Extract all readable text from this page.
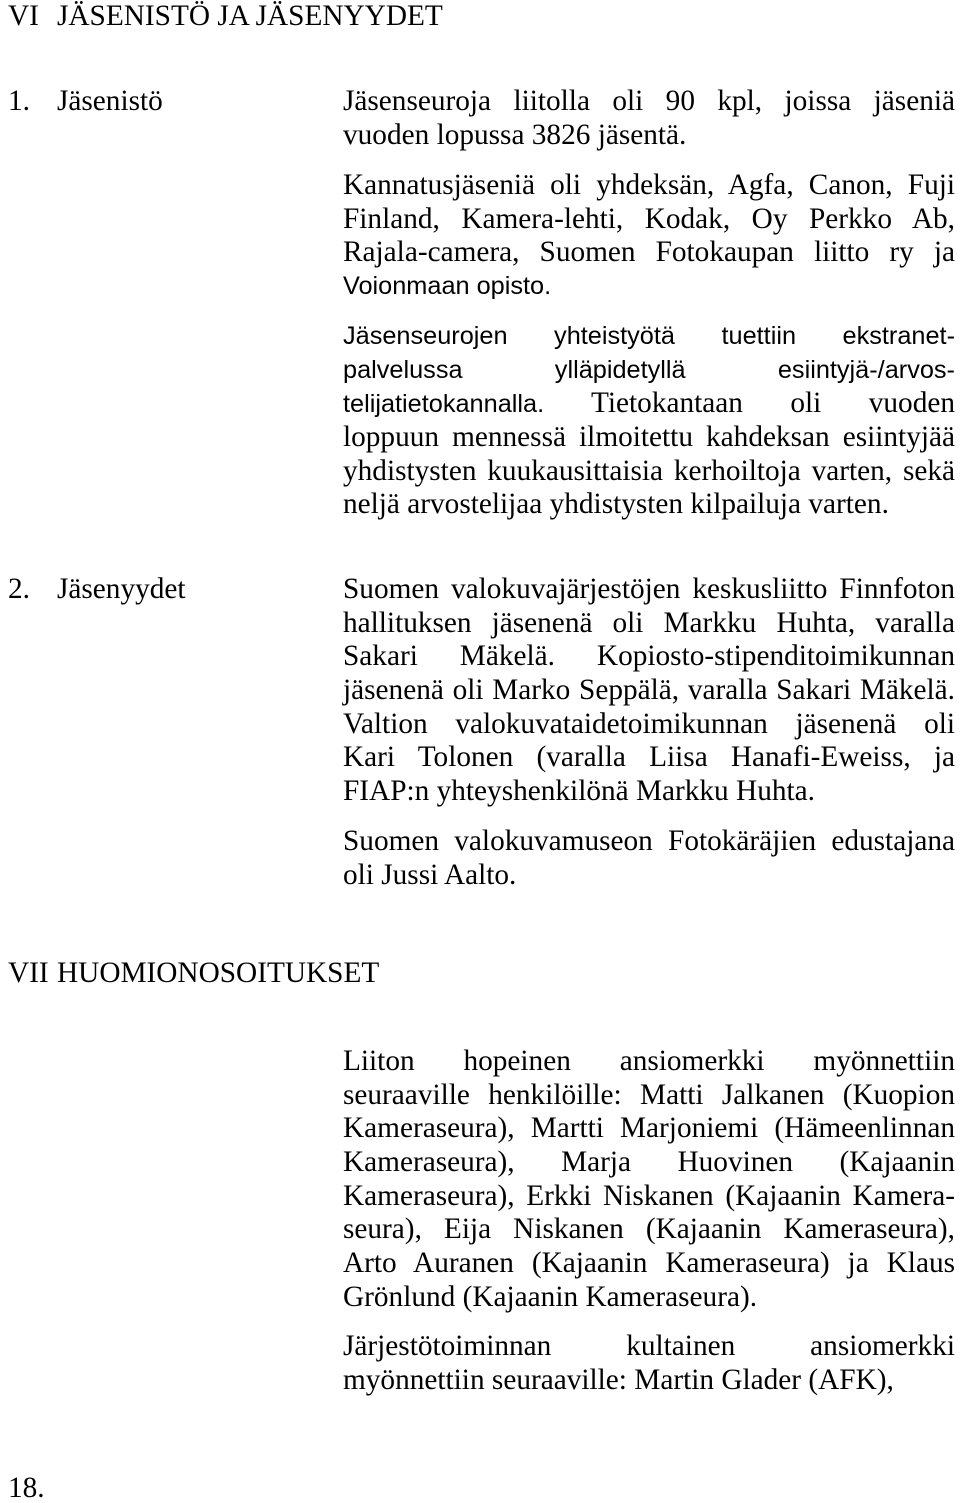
VI JÄSENISTÖ JA JÄSENYYDET
1. Jäsenistö	Jäsenseuroja liitolla oli 90 kpl, joissa jäseniä
vuoden lopussa 3826 jäsentä.
Kannatusjäseniä oli yhdeksän, Agfa, Canon, Fuji
Finland, Kamera-lehti, Kodak, Oy Perkko Ab,
Rajala-camera, Suomen Fotokaupan liitto ry ja
Voionmaan opisto.
Jäsenseurojen yhteistyötä tuettiin ekstranet-
palvelussa ylläpidetyllä esiintyjä-/arvos-
telijatietokannalla. Tietokantaan oli vuoden
loppuun mennessä ilmoitettu kahdeksan esiintyjää
yhdistysten kuukausittaisia kerhoiltoja varten, sekä
neljä arvostelijaa yhdistysten kilpailuja varten.
2. Jäsenyydet	Suomen valokuvajärjestöjen keskusliitto Finnfoton
hallituksen jäsenenä oli Markku Huhta, varalla
Sakari Mäkelä. Kopiosto-stipenditoimikunnan
jäsenenä oli Marko Seppälä, varalla Sakari Mäkelä.
Valtion valokuvataidetoimikunnan jäsenenä oli
Kari Tolonen (varalla Liisa Hanafi-Eweiss, ja
FIAP:n yhteyshenkilönä Markku Huhta.
Suomen valokuvamuseon Fotokäräjien edustajana
oli Jussi Aalto.
VII HUOMIONOSOITUKSET
Liiton hopeinen ansiomerkki myönnettiin
seuraaville henkilöille: Matti Jalkanen (Kuopion
Kameraseura), Martti Marjoniemi (Hämeenlinnan
Kameraseura), Marja Huovinen (Kajaanin
Kameraseura), Erkki Niskanen (Kajaanin Kamera-
seura), Eija Niskanen (Kajaanin Kameraseura),
Arto Auranen (Kajaanin Kameraseura) ja Klaus
Grönlund (Kajaanin Kameraseura).
Järjestötoiminnan kultainen ansiomerkki
myönnettiin seuraaville: Martin Glader (AFK),
18.
